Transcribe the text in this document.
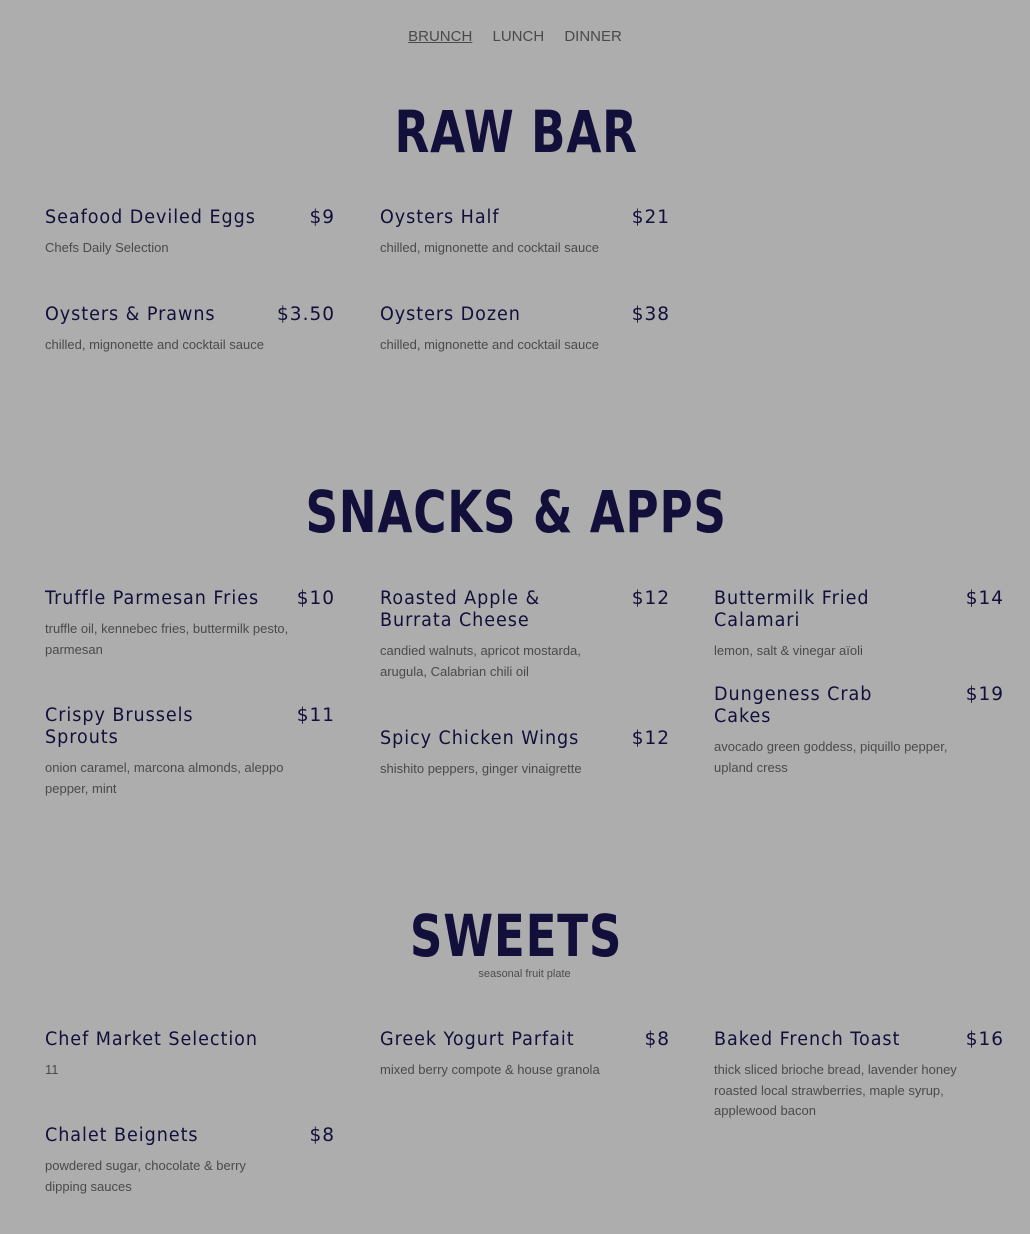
BRUNCH LUNCH DINNER
RAW BAR
Seafood Deviled Eggs	$9
Chefs Daily Selection
Oysters Half	$21
chilled, mignonette and cocktail sauce
Oysters & Prawns	$3.50
chilled, mignonette and cocktail sauce
Oysters Dozen	$38
chilled, mignonette and cocktail sauce
SNACKS & APPS
Truffle Parmesan Fries	$10
truffle oil, kennebec fries, buttermilk pesto, parmesan
Roasted Apple & Burrata Cheese
$12
candied walnuts, apricot mostarda, arugula, Calabrian chili oil
Buttermilk Fried Calamari
$14
lemon, salt & vinegar aïoli
Crispy Brussels Sprouts
$11
onion caramel, marcona almonds, aleppo pepper, mint
Spicy Chicken Wings	$12
shishito peppers, ginger vinaigrette
Dungeness Crab Cakes
$19
avocado green goddess, piquillo pepper, upland cress
SWEETS
seasonal fruit plate
Chef Market Selection
11
Greek Yogurt Parfait	$8
mixed berry compote & house granola
Baked French Toast	$16
thick sliced brioche bread, lavender honey roasted local strawberries, maple syrup, applewood bacon
Chalet Beignets	$8
powdered sugar, chocolate & berry dipping sauces
